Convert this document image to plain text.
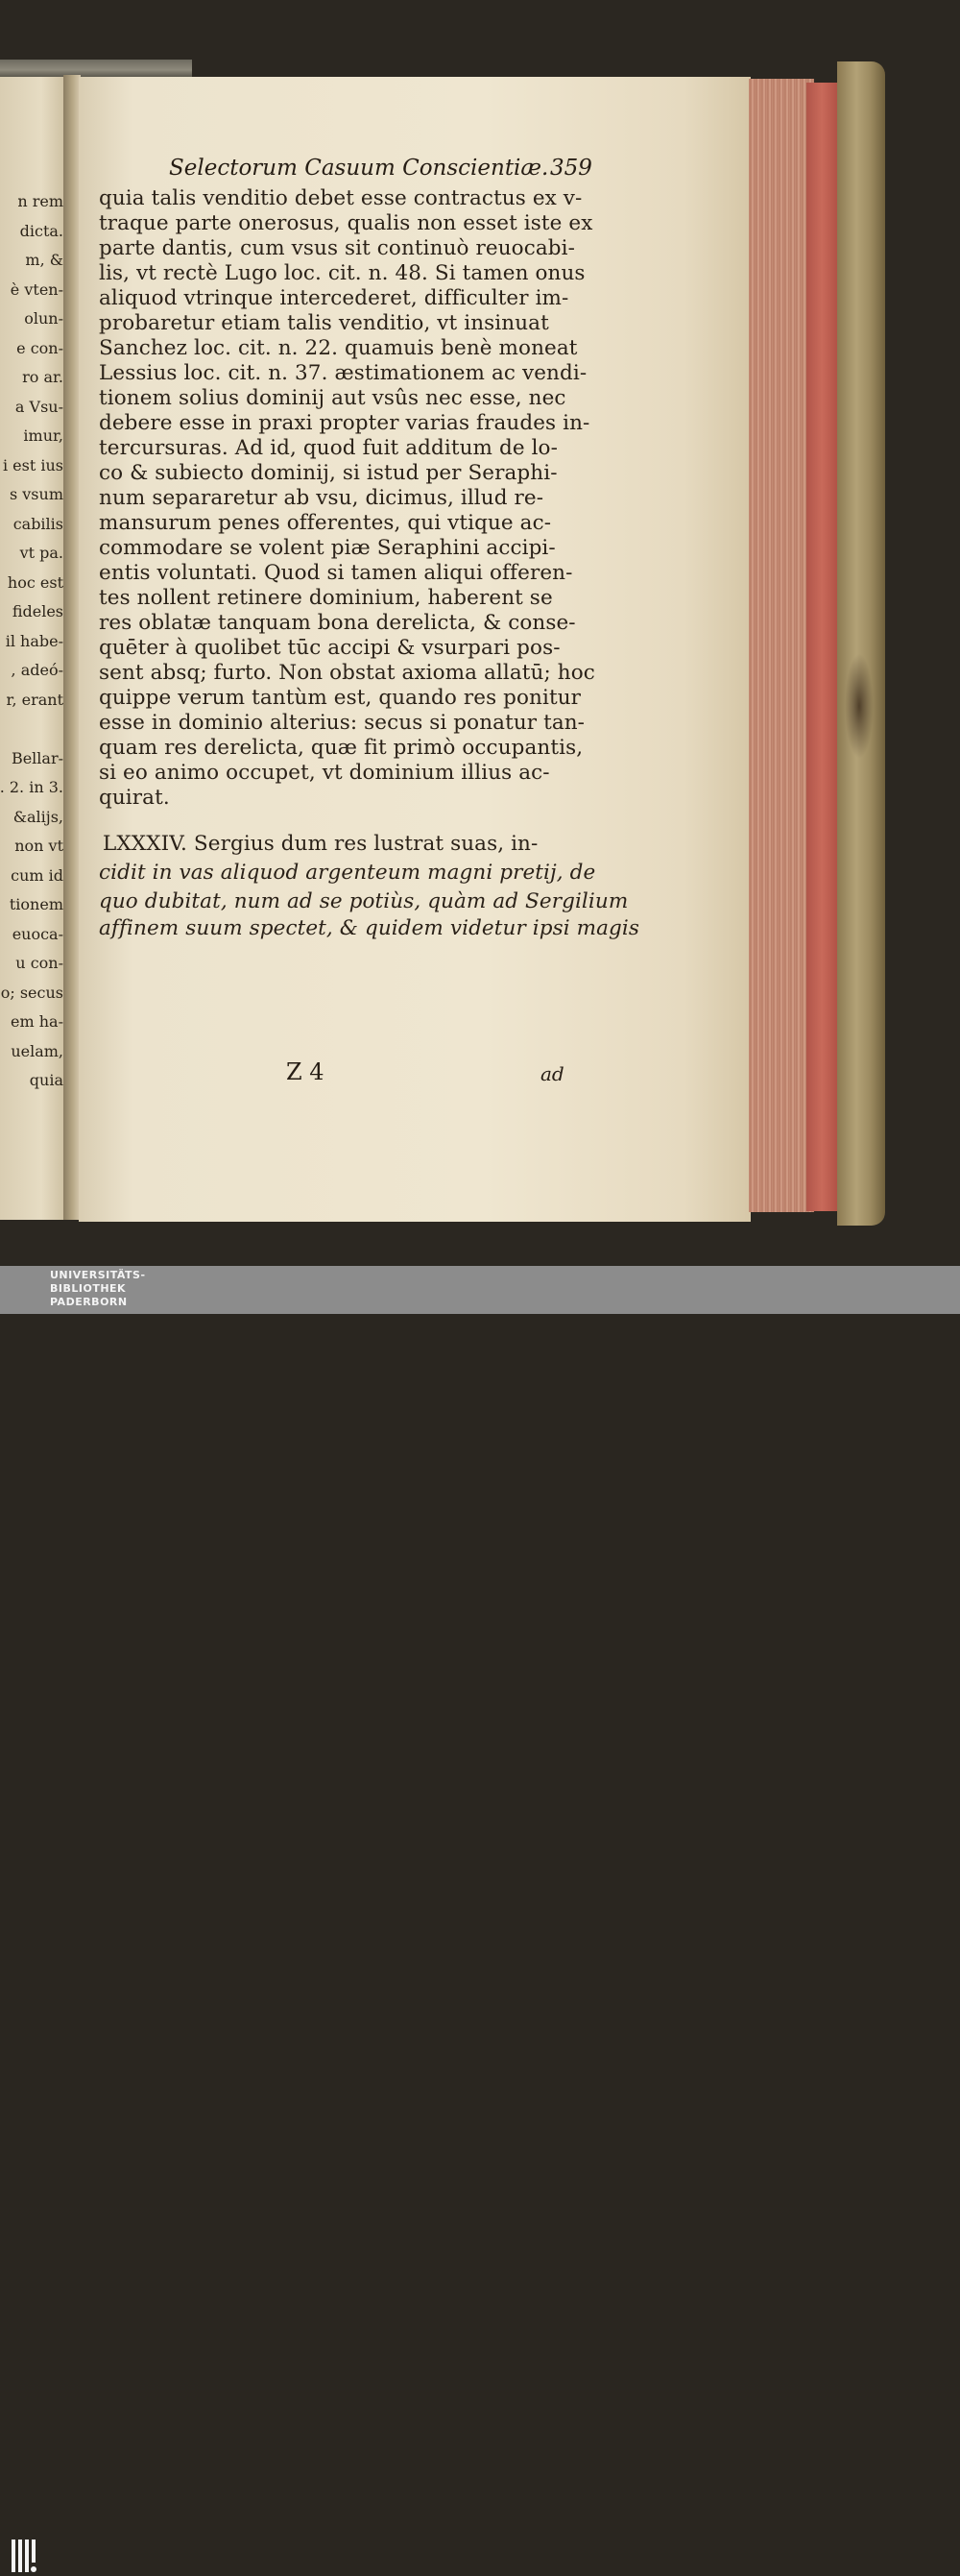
n rem
dicta.
m, &
è vten-
olun-
e con-
ro ar.
a Vsu-
imur,
i est ius
s vsum
cabilis
vt pa.
hoc est
fideles
il habe-
, adeó-
r, erant
Bellar-
. 2. in 3.
&alijs,
non vt
cum id
tionem
euoca-
u con-
o; secus
em ha-
uelam,
quia
Selectorum Casuum Conscientiæ. 359
quia talis venditio debet esse contractus ex v-
traque parte onerosus, qualis non esset iste ex
parte dantis, cum vsus sit continuò reuocabi-
lis, vt rectè Lugo loc. cit. n. 48. Si tamen onus
aliquod vtrinque intercederet, difficulter im-
probaretur etiam talis venditio, vt insinuat
Sanchez loc. cit. n. 22. quamuis benè moneat
Lessius loc. cit. n. 37. æstimationem ac vendi-
tionem solius dominij aut vsûs nec esse, nec
debere esse in praxi propter varias fraudes in-
tercursuras. Ad id, quod fuit additum de lo-
co & subiecto dominij, si istud per Seraphi-
num separaretur ab vsu, dicimus, illud re-
mansurum penes offerentes, qui vtique ac-
commodare se volent piæ Seraphini accipi-
entis voluntati. Quod si tamen aliqui offeren-
tes nollent retinere dominium, haberent se
res oblatæ tanquam bona derelicta, & conse-
quēter à quolibet tūc accipi & vsurpari pos-
sent absq; furto. Non obstat axioma allatū; hoc
quippe verum tantùm est, quando res ponitur
esse in dominio alterius: secus si ponatur tan-
quam res derelicta, quæ fit primò occupantis,
si eo animo occupet, vt dominium illius ac-
quirat.
LXXXIV. Sergius dum res lustrat suas, in-
cidit in vas aliquod argenteum magni pretij, de
quo dubitat, num ad se potiùs, quàm ad Sergilium
affinem suum spectet, & quidem videtur ipsi magis
Z 4	ad
UNIVERSITÄTS-
BIBLIOTHEK
PADERBORN
